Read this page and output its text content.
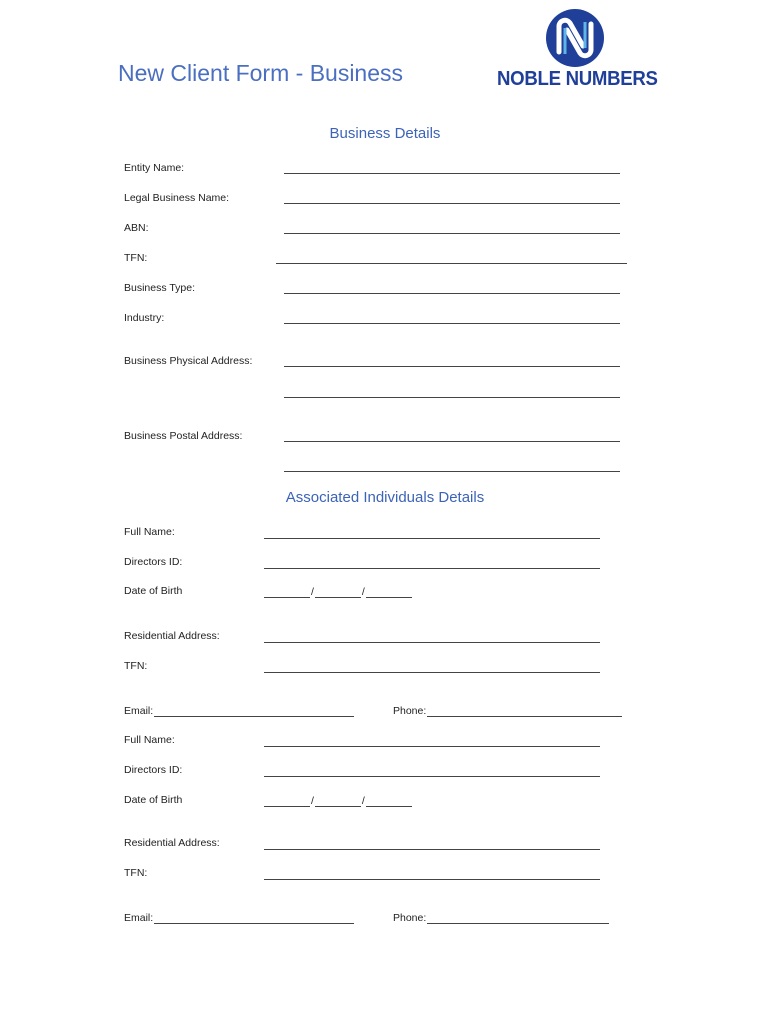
New Client Form - Business	NOBLE NUMBERS
Business Details
Entity Name:
Legal Business Name:
ABN:
TFN:
Business Type:
Industry:
Business Physical Address:
Business Postal Address:
Associated Individuals Details
Full Name:
Directors ID:
Date of Birth	/	/
Residential Address:
TFN:
Email:	Phone:
Full Name:
Directors ID:
Date of Birth	/	/
Residential Address:
TFN:
Email:	Phone:
